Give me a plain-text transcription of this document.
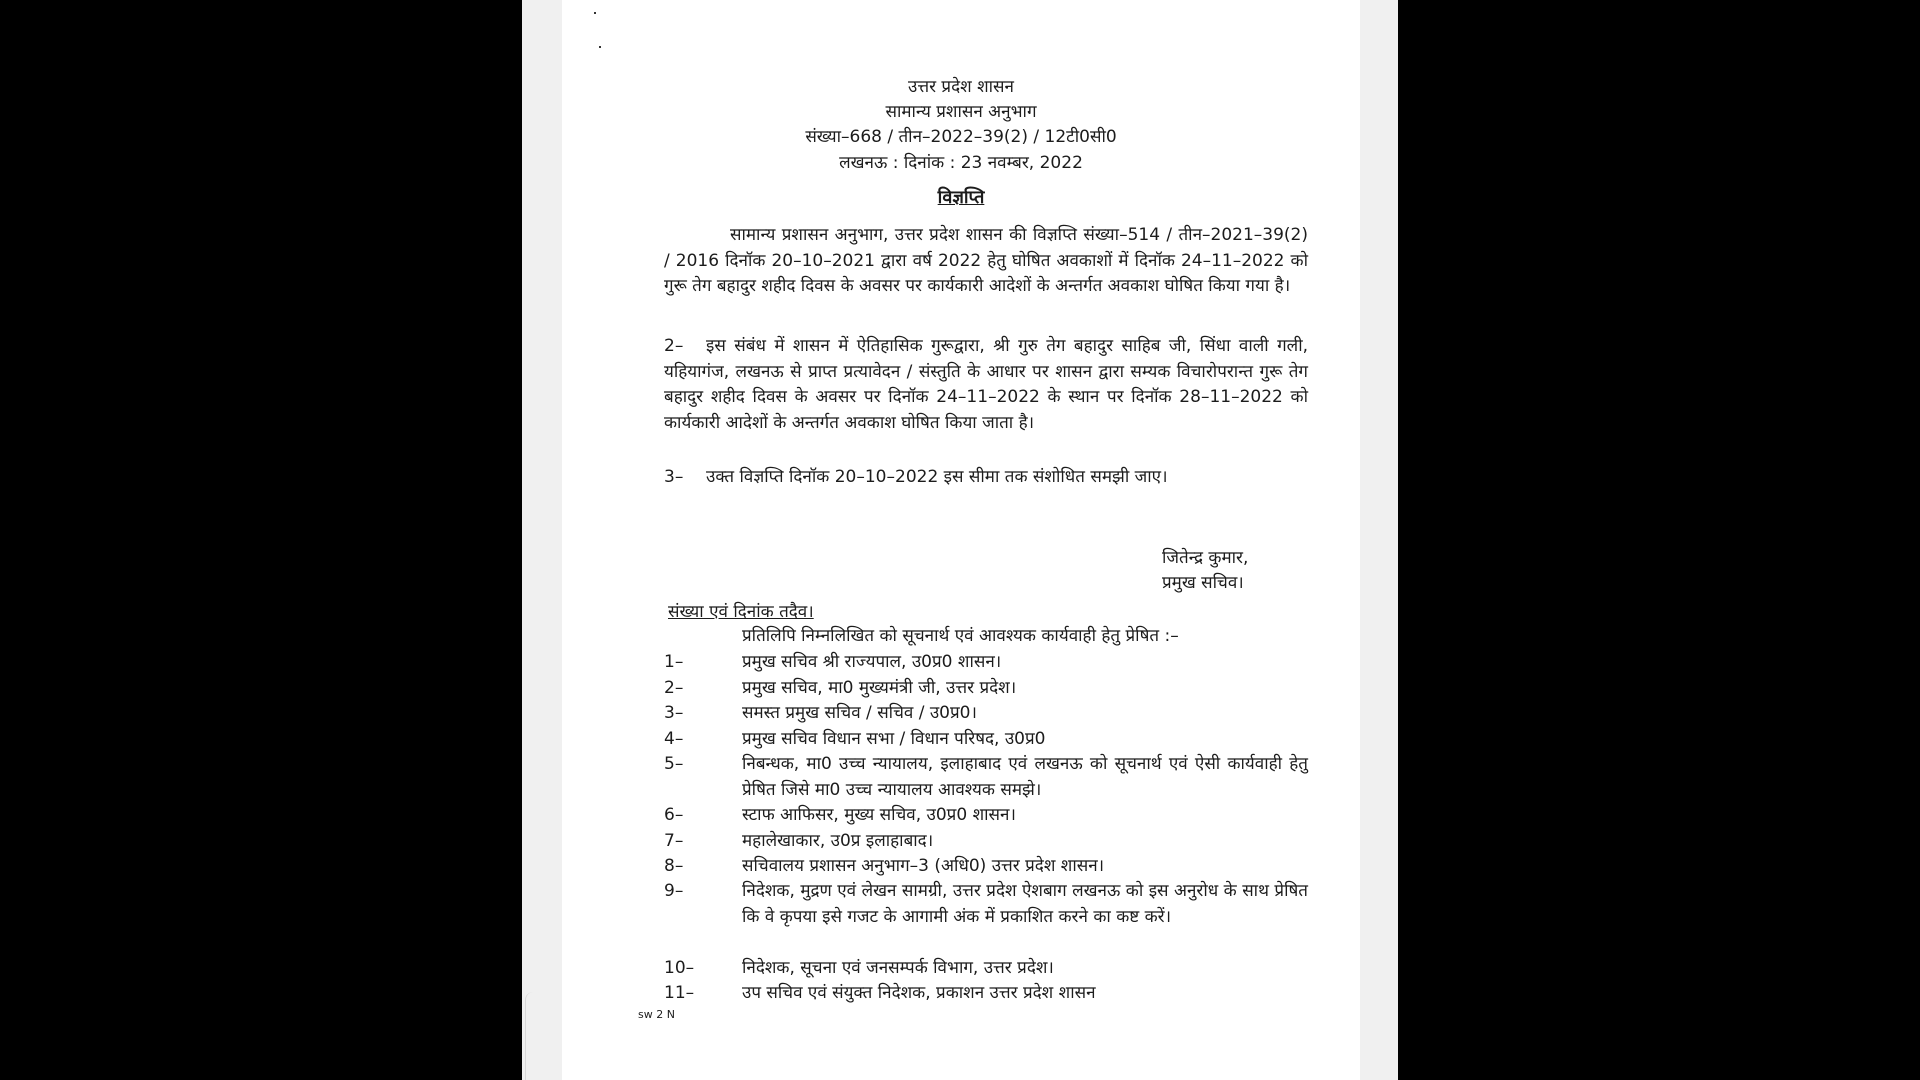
उत्तर प्रदेश शासन
सामान्य प्रशासन अनुभाग
संख्या–668 / तीन–2022–39(2) / 12टी0सी0
लखनऊ : दिनांक : 23 नवम्बर, 2022
विज्ञप्ति
सामान्य प्रशासन अनुभाग, उत्तर प्रदेश शासन की विज्ञप्ति संख्या–514 / तीन–2021–39(2) / 2016 दिनॉक 20–10–2021 द्वारा वर्ष 2022 हेतु घोषित अवकाशों में दिनॉक 24–11–2022 को गुरू तेग बहादुर शहीद दिवस के अवसर पर कार्यकारी आदेशों के अन्तर्गत अवकाश घोषित किया गया है।
2– इस संबंध में शासन में ऐतिहासिक गुरूद्वारा, श्री गुरु तेग बहादुर साहिब जी, सिंधा वाली गली, यहियागंज, लखनऊ से प्राप्त प्रत्यावेदन / संस्तुति के आधार पर शासन द्वारा सम्यक विचारोपरान्त गुरू तेग बहादुर शहीद दिवस के अवसर पर दिनॉक 24–11–2022 के स्थान पर दिनॉक 28–11–2022 को कार्यकारी आदेशों के अन्तर्गत अवकाश घोषित किया जाता है।
3– उक्त विज्ञप्ति दिनॉक 20–10–2022 इस सीमा तक संशोधित समझी जाए।
जितेन्द्र कुमार,
प्रमुख सचिव।
संख्या एवं दिनांक तदैव।
प्रतिलिपि निम्नलिखित को सूचनार्थ एवं आवश्यक कार्यवाही हेतु प्रेषित :–
1–	प्रमुख सचिव श्री राज्यपाल, उ0प्र0 शासन।
2–	प्रमुख सचिव, मा0 मुख्यमंत्री जी, उत्तर प्रदेश।
3–	समस्त प्रमुख सचिव / सचिव / उ0प्र0।
4–	प्रमुख सचिव विधान सभा / विधान परिषद, उ0प्र0
5–	निबन्धक, मा0 उच्च न्यायालय, इलाहाबाद एवं लखनऊ को सूचनार्थ एवं ऐसी कार्यवाही हेतु प्रेषित जिसे मा0 उच्च न्यायालय आवश्यक समझे।
6–	स्टाफ आफिसर, मुख्य सचिव, उ0प्र0 शासन।
7–	महालेखाकार, उ0प्र इलाहाबाद।
8–	सचिवालय प्रशासन अनुभाग–3 (अधि0) उत्तर प्रदेश शासन।
9–	निदेशक, मुद्रण एवं लेखन सामग्री, उत्तर प्रदेश ऐशबाग लखनऊ को इस अनुरोध के साथ प्रेषित कि वे कृपया इसे गजट के आगामी अंक में प्रकाशित करने का कष्ट करें।
10–	निदेशक, सूचना एवं जनसम्पर्क विभाग, उत्तर प्रदेश।
11–	उप सचिव एवं संयुक्त निदेशक, प्रकाशन उत्तर प्रदेश शासन
sw 2 N
